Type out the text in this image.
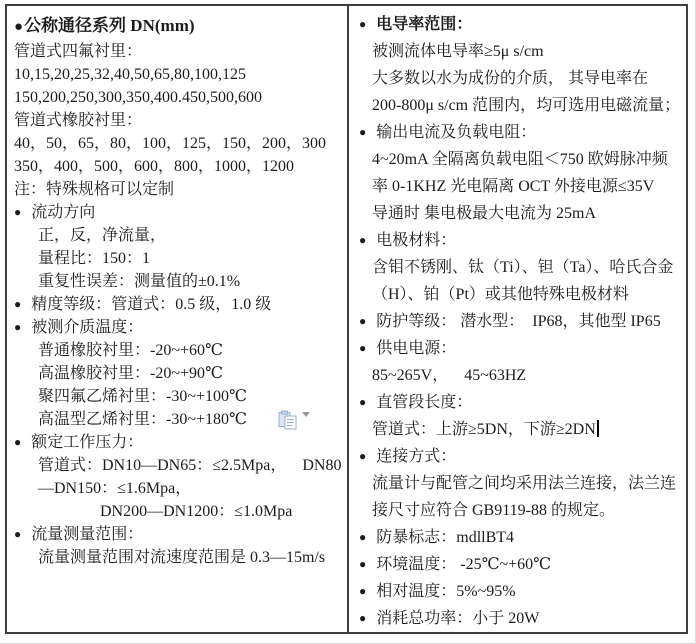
●公称通径系列 DN(mm)
管道式四氟衬里：
10,15,20,25,32,40,50,65,80,100,125
150,200,250,300,350,400.450,500,600
管道式橡胶衬里：
40，50，65，80，100，125，150，200，300
350，400，500，600，800，1000，1200
注：特殊规格可以定制
● 流动方向
正，反，净流量，
量程比：150：1
重复性误差：测量值的±0.1%
● 精度等级：管道式：0.5 级，1.0 级
● 被测介质温度：
普通橡胶衬里：-20~+60℃
高温橡胶衬里：-20~+90℃
聚四氟乙烯衬里：-30~+100℃
高温型乙烯衬里：-30~+180℃
● 额定工作压力：
管道式：DN10—DN65：≤2.5Mpa，    DN80
—DN150：≤1.6Mpa，
DN200—DN1200：≤1.0Mpa
● 流量测量范围：
流量测量范围对流速度范围是 0.3—15m/s
● 电导率范围：
被测流体电导率≥5μ s/cm
大多数以水为成份的介质， 其导电率在
200-800μ s/cm 范围内，均可选用电磁流量；
● 输出电流及负载电阻：
4~20mA 全隔离负载电阻＜750 欧姆脉冲频
率 0-1KHZ 光电隔离 OCT 外接电源≤35V
导通时 集电极最大电流为 25mA
● 电极材料：
含钼不锈刚、钛（Ti）、钽（Ta）、哈氏合金
（H）、铂（Pt）或其他特殊电极材料
● 防护等级： 潜水型：  IP68，其他型 IP65
● 供电电源：
85~265V，    45~63HZ
● 直管段长度：
管道式：上游≥5DN，下游≥2DN
● 连接方式：
流量计与配管之间均采用法兰连接，法兰连
接尺寸应符合 GB9119-88 的规定。
● 防暴标志：mdllBT4
● 环境温度： -25℃~+60℃
● 相对温度：5%~95%
● 消耗总功率：小于 20W
